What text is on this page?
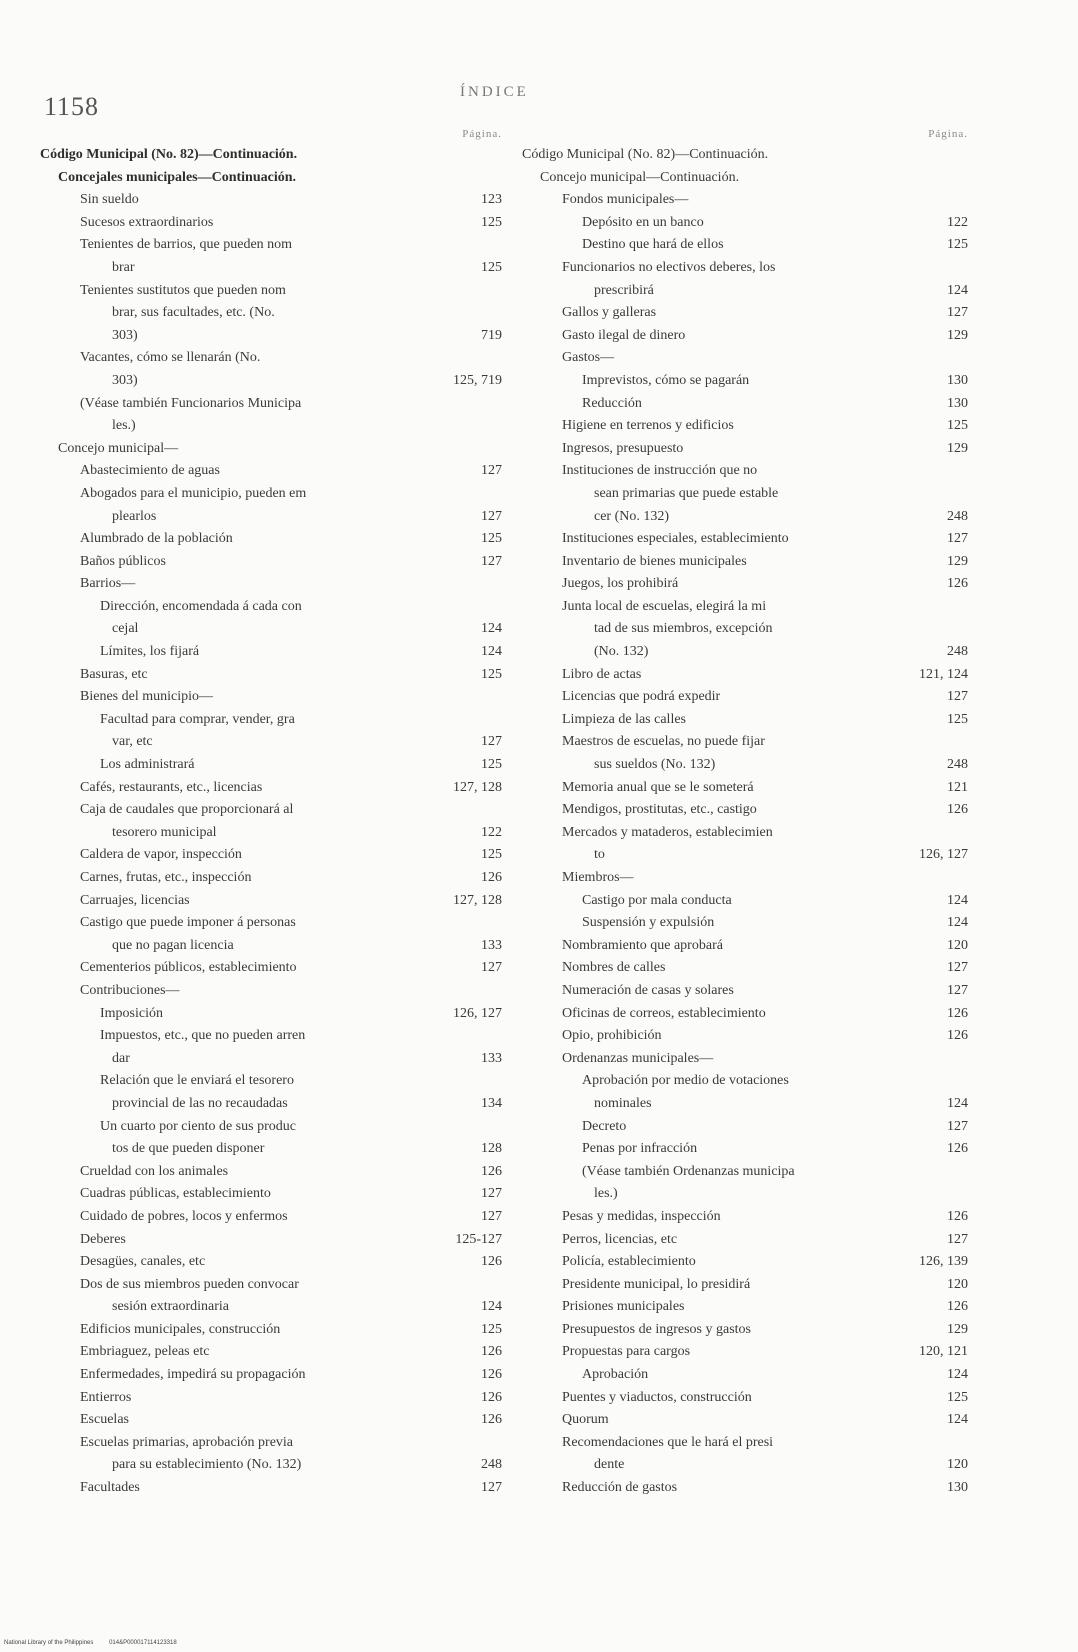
1158	ÍNDICE
Página.
Código Municipal (No. 82)—Continuación.
Concejales municipales—Continuación.
Sin sueldo	123
Sucesos extraordinarios	125
Tenientes de barrios, que pueden nom
brar	125
Tenientes sustitutos que pueden nom
brar, sus facultades, etc. (No.
303)	719
Vacantes, cómo se llenarán (No.
303)	125, 719
(Véase también Funcionarios Municipa
les.)
Concejo municipal—
Abastecimiento de aguas	127
Abogados para el municipio, pueden em
plearlos	127
Alumbrado de la población	125
Baños públicos	127
Barrios—
Dirección, encomendada á cada con
cejal	124
Límites, los fijará	124
Basuras, etc	125
Bienes del municipio—
Facultad para comprar, vender, gra
var, etc	127
Los administrará	125
Cafés, restaurants, etc., licencias	127, 128
Caja de caudales que proporcionará al
tesorero municipal	122
Caldera de vapor, inspección	125
Carnes, frutas, etc., inspección	126
Carruajes, licencias	127, 128
Castigo que puede imponer á personas
que no pagan licencia	133
Cementerios públicos, establecimiento	127
Contribuciones—
Imposición	126, 127
Impuestos, etc., que no pueden arren
dar	133
Relación que le enviará el tesorero
provincial de las no recaudadas	134
Un cuarto por ciento de sus produc
tos de que pueden disponer	128
Crueldad con los animales	126
Cuadras públicas, establecimiento	127
Cuidado de pobres, locos y enfermos	127
Deberes	125-127
Desagües, canales, etc	126
Dos de sus miembros pueden convocar
sesión extraordinaria	124
Edificios municipales, construcción	125
Embriaguez, peleas etc	126
Enfermedades, impedirá su propagación	126
Entierros	126
Escuelas	126
Escuelas primarias, aprobación previa
para su establecimiento (No. 132)	248
Facultades	127
Página.
Código Municipal (No. 82)—Continuación.
Concejo municipal—Continuación.
Fondos municipales—
Depósito en un banco	122
Destino que hará de ellos	125
Funcionarios no electivos deberes, los
prescribirá	124
Gallos y galleras	127
Gasto ilegal de dinero	129
Gastos—
Imprevistos, cómo se pagarán	130
Reducción	130
Higiene en terrenos y edificios	125
Ingresos, presupuesto	129
Instituciones de instrucción que no
sean primarias que puede estable
cer (No. 132)	248
Instituciones especiales, establecimiento	127
Inventario de bienes municipales	129
Juegos, los prohibirá	126
Junta local de escuelas, elegirá la mi
tad de sus miembros, excepción
(No. 132)	248
Libro de actas	121, 124
Licencias que podrá expedir	127
Limpieza de las calles	125
Maestros de escuelas, no puede fijar
sus sueldos (No. 132)	248
Memoria anual que se le someterá	121
Mendigos, prostitutas, etc., castigo	126
Mercados y mataderos, establecimien
to	126, 127
Miembros—
Castigo por mala conducta	124
Suspensión y expulsión	124
Nombramiento que aprobará	120
Nombres de calles	127
Numeración de casas y solares	127
Oficinas de correos, establecimiento	126
Opio, prohibición	126
Ordenanzas municipales—
Aprobación por medio de votaciones
nominales	124
Decreto	127
Penas por infracción	126
(Véase también Ordenanzas municipa
les.)
Pesas y medidas, inspección	126
Perros, licencias, etc	127
Policía, establecimiento	126, 139
Presidente municipal, lo presidirá	120
Prisiones municipales	126
Presupuestos de ingresos y gastos	129
Propuestas para cargos	120, 121
Aprobación	124
Puentes y viaductos, construcción	125
Quorum	124
Recomendaciones que le hará el presi
dente	120
Reducción de gastos	130
National Library of the Philippines	014&P000017114123318
